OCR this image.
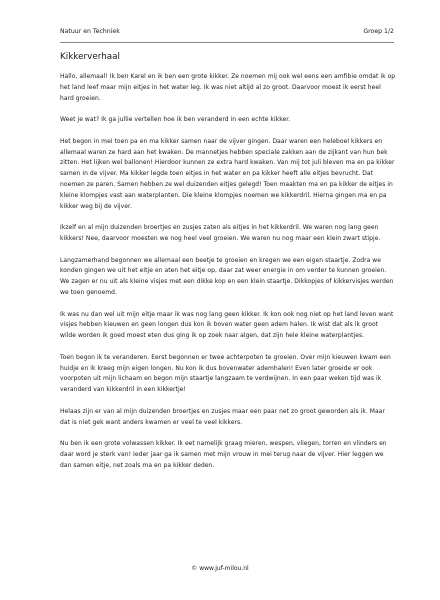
Natuur en Techniek	Groep 1/2
Kikkerverhaal

Hallo, allemaal! Ik ben Karel en ik ben een grote kikker. Ze noemen mij ook wel eens een amfibie omdat ik op het land leef maar mijn eitjes in het water leg. Ik was niet altijd al zo groot. Daarvoor moest ik eerst heel hard groeien.

Weet je wat? Ik ga jullie vertellen hoe ik ben veranderd in een echte kikker.

Het begon in mei toen pa en ma kikker samen naar de vijver gingen. Daar waren een heleboel kikkers en allemaal waren ze hard aan het kwaken. De mannetjes hebben speciale zakken aan de zijkant van hun bek zitten. Het lijken wel ballonen! Hierdoor kunnen ze extra hard kwaken. Van mij tot juli bleven ma en pa kikker samen in de vijver. Ma kikker legde toen eitjes in het water en pa kikker heeft alle eitjes bevrucht. Dat noemen ze paren. Samen hebben ze wel duizenden eitjes gelegd! Toen maakten ma en pa kikker de eitjes in kleine klompjes vast aan waterplanten. Die kleine klompjes noemen we kikkerdril. Hierna gingen ma en pa kikker weg bij de vijver.

Ikzelf en al mijn duizenden broertjes en zusjes zaten als eitjes in het kikkerdril. We waren nog lang geen kikkers! Nee, daarvoor moesten we nog heel veel groeien. We waren nu nog maar een klein zwart stipje.

Langzamerhand begonnen we allemaal een beetje te groeien en kregen we een eigen staartje. Zodra we konden gingen we uit het eitje en aten het eitje op, daar zat weer energie in om verder te kunnen groeien. We zagen er nu uit als kleine visjes met een dikke kop en een klein staartje. Dikkopjes of kikkervisjes werden we toen genoemd.

Ik was nu dan wel uit mijn eitje maar ik was nog lang geen kikker. Ik kon ook nog niet op het land leven want visjes hebben kieuwen en geen longen dus kon ik boven water geen adem halen. Ik wist dat als ik groot wilde worden ik goed moest eten dus ging ik op zoek naar algen, dat zijn hele kleine waterplantjes.

Toen begon ik te veranderen. Eerst begonnen er twee achterpoten te groeien. Over mijn kieuwen kwam een huidje en ik kreeg mijn eigen longen. Nu kon ik dus bovenwater ademhalen! Even later groeide er ook voorpoten uit mijn lichaam en begon mijn staartje langzaam te verdwijnen. In een paar weken tijd was ik veranderd van kikkerdril in een kikkertje!

Helaas zijn er van al mijn duizenden broertjes en zusjes maar een paar net zo groot geworden als ik. Maar dat is niet gek want anders kwamen er veel te veel kikkers.

Nu ben ik een grote volwassen kikker. Ik eet namelijk graag mieren, wespen, vliegen, torren en vlinders en daar word je sterk van! Ieder jaar ga ik samen met mijn vrouw in mei terug naar de vijver. Hier leggen we dan samen eitje, net zoals ma en pa kikker deden.

© www.juf-milou.nl
